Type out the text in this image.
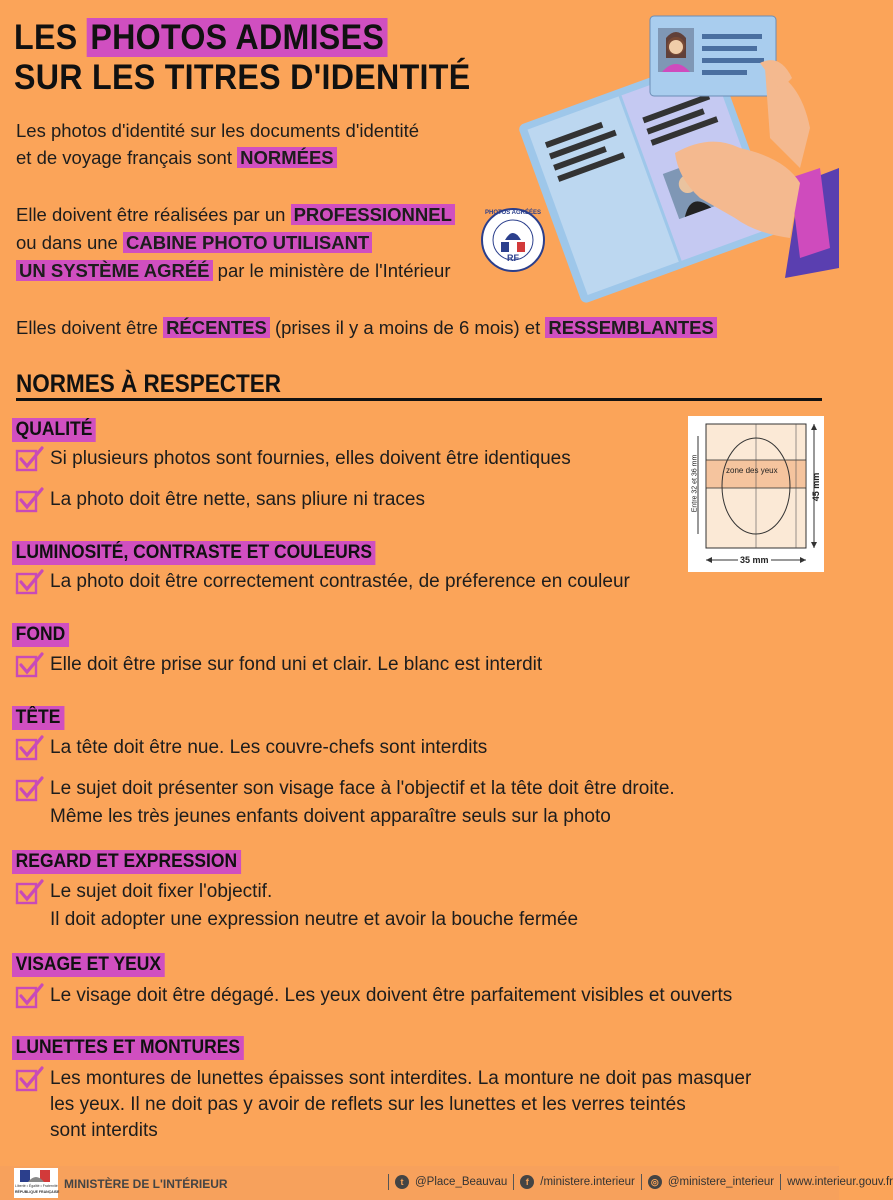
LES PHOTOS ADMISES
SUR LES TITRES D'IDENTITÉ
Les photos d'identité sur les documents d'identité
et de voyage français sont NORMÉES
Elle doivent être réalisées par un PROFESSIONNEL
ou dans une CABINE PHOTO UTILISANT
UN SYSTÈME AGRÉÉ par le ministère de l'Intérieur
PHOTOS AGRÉÉES
RF
Elles doivent être RÉCENTES (prises il y a moins de 6 mois) et RESSEMBLANTES
NORMES À RESPECTER
zone des yeux
Entre 32 et 36 mm	45 mm
35 mm
QUALITÉ
Si plusieurs photos sont fournies, elles doivent être identiques
La photo doit être nette, sans pliure ni traces
LUMINOSITÉ, CONTRASTE ET COULEURS
La photo doit être correctement contrastée, de préference en couleur
FOND
Elle doit être prise sur fond uni et clair. Le blanc est interdit
TÊTE
La tête doit être nue. Les couvre-chefs sont interdits
Le sujet doit présenter son visage face à l'objectif et la tête doit être droite.
Même les très jeunes enfants doivent apparaître seuls sur la photo
REGARD ET EXPRESSION
Le sujet doit fixer l'objectif.
Il doit adopter une expression neutre et avoir la bouche fermée
VISAGE ET YEUX
Le visage doit être dégagé. Les yeux doivent être parfaitement visibles et ouverts
LUNETTES ET MONTURES
Les montures de lunettes épaisses sont interdites. La monture ne doit pas masquer
les yeux. Il ne doit pas y avoir de reflets sur les lunettes et les verres teintés
sont interdits
Liberté • Égalité • Fraternité
RÉPUBLIQUE FRANÇAISE
MINISTÈRE DE L'INTÉRIEUR	t	@Place_Beauvau	f	/ministere.interieur	◎ @ministere_interieur www.interieur.gouv.fr
